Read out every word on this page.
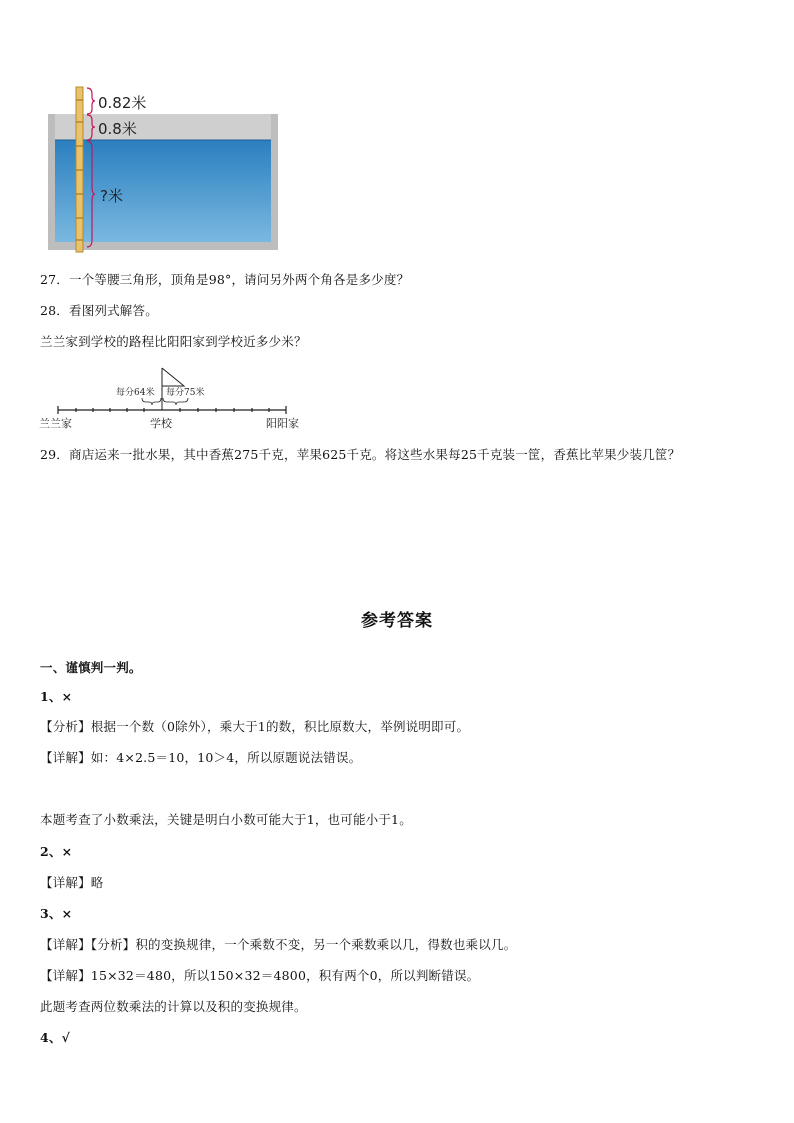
0.82米
0.8米
?米
27．一个等腰三角形，顶角是98°，请问另外两个角各是多少度？
28．看图列式解答。
兰兰家到学校的路程比阳阳家到学校近多少米？
每分64米 每分75米
兰兰家	学校	阳阳家
29．商店运来一批水果，其中香蕉275千克，苹果625千克。将这些水果每25千克装一筐，香蕉比苹果少装几筐？
参考答案
一、谨慎判一判。
1、×
【分析】根据一个数（0除外），乘大于1的数，积比原数大，举例说明即可。
【详解】如：4×2.5＝10，10＞4，所以原题说法错误。
本题考查了小数乘法，关键是明白小数可能大于1，也可能小于1。
2、×
【详解】略
3、×
【详解】【分析】积的变换规律，一个乘数不变，另一个乘数乘以几，得数也乘以几。
【详解】15×32＝480，所以150×32＝4800，积有两个0，所以判断错误。
此题考查两位数乘法的计算以及积的变换规律。
4、√
